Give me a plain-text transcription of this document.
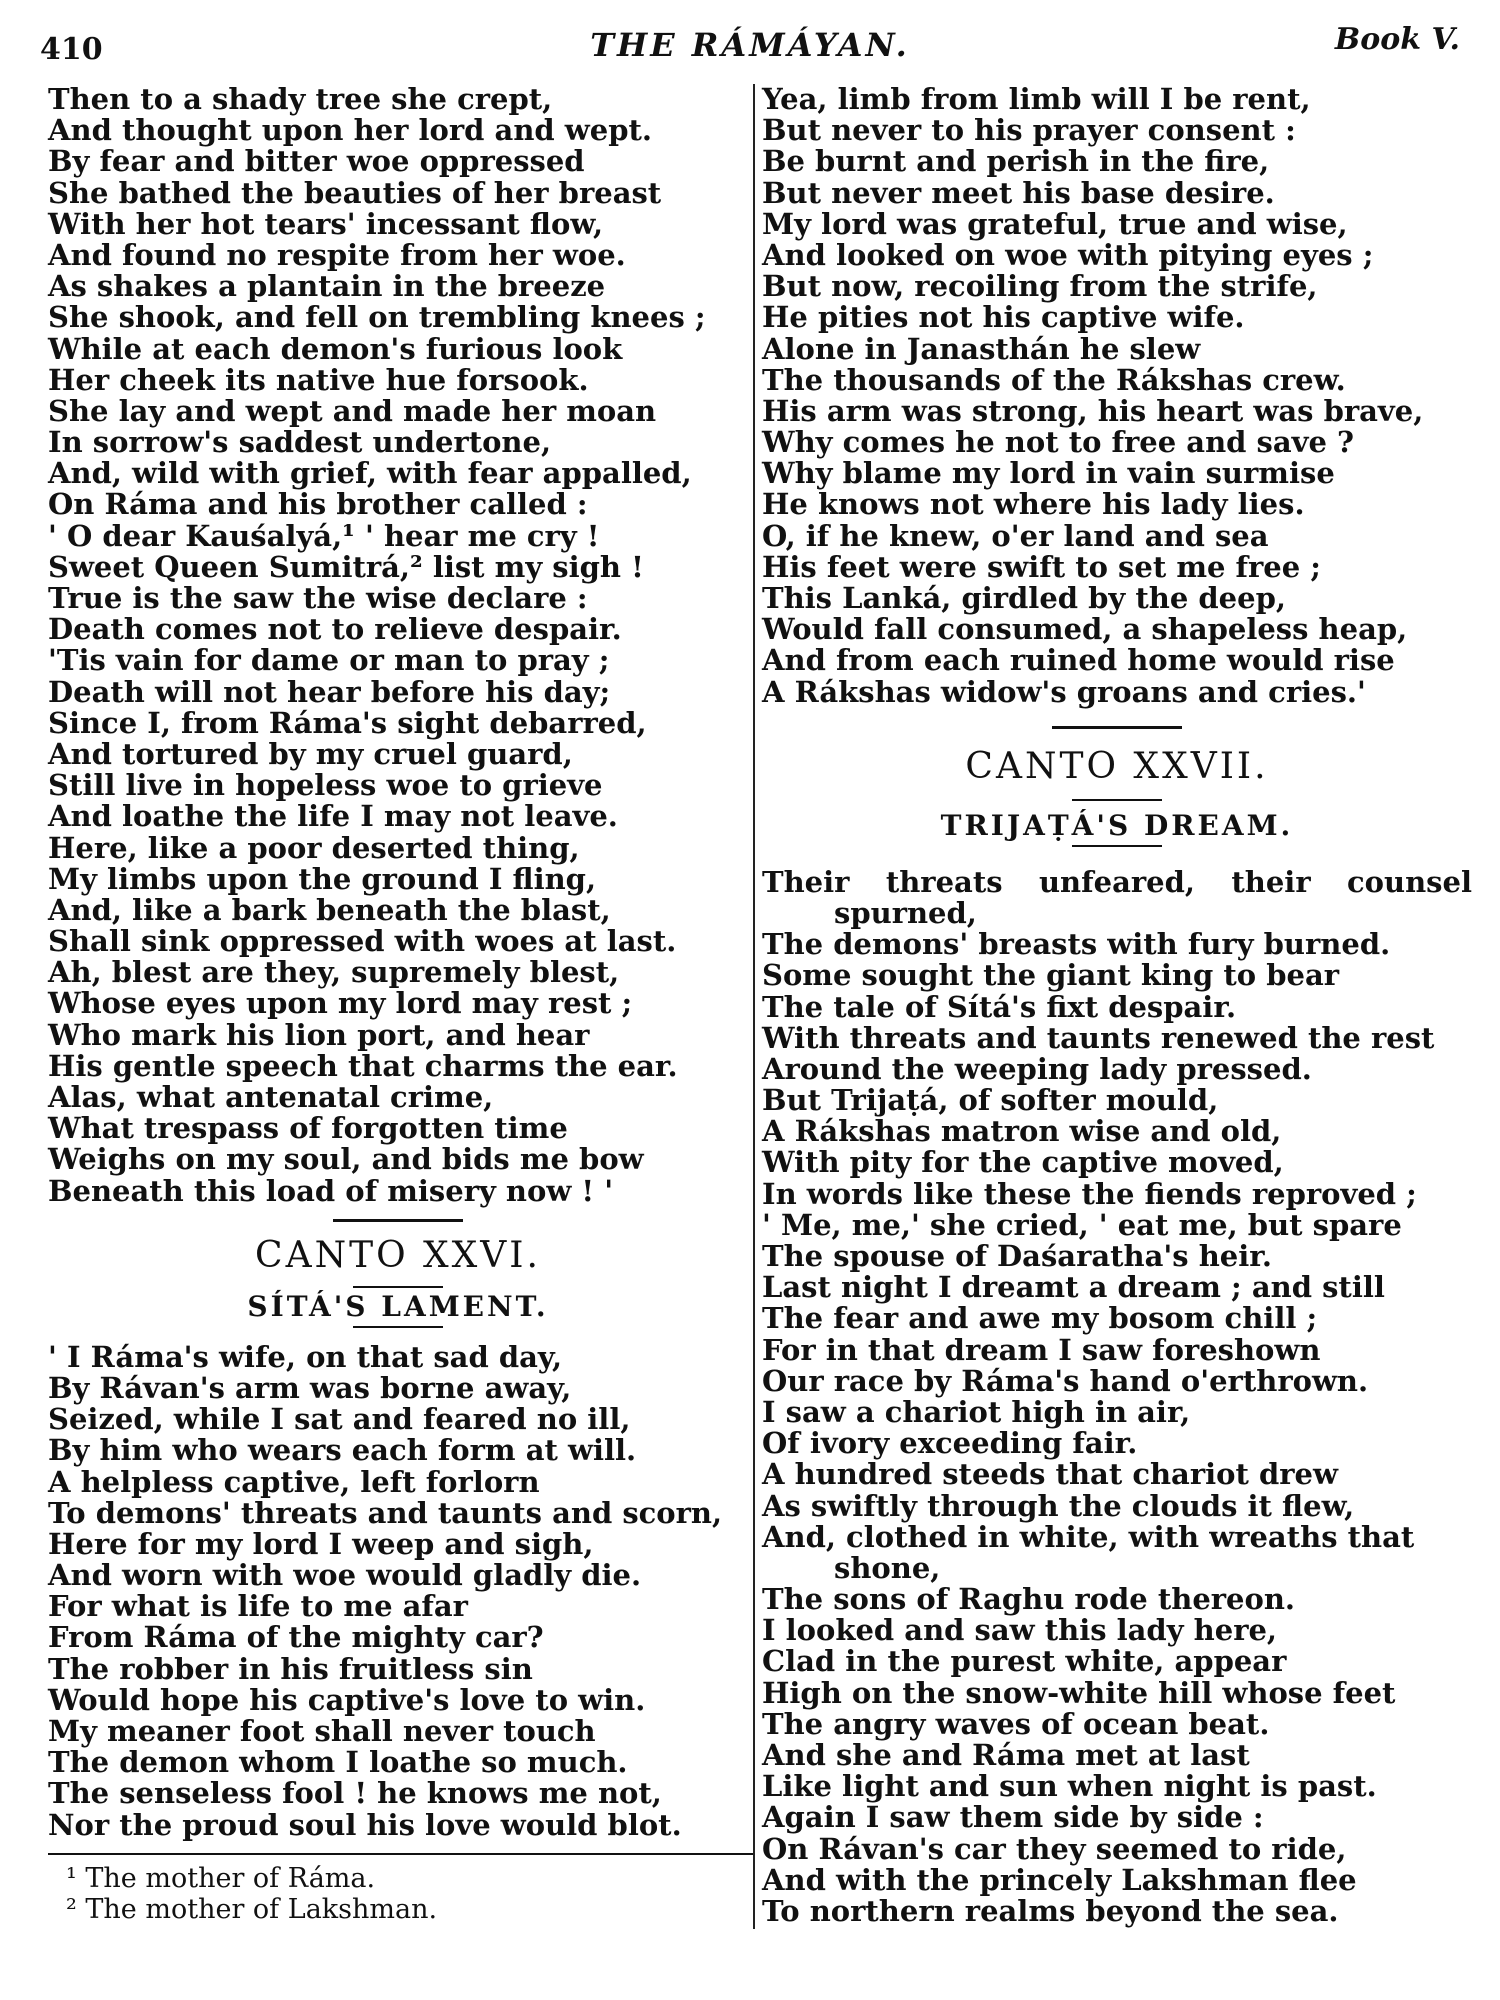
410	THE RÁMÁYAN.	Book V.
Then to a shady tree she crept,
And thought upon her lord and wept.
By fear and bitter woe oppressed
She bathed the beauties of her breast
With her hot tears' incessant flow,
And found no respite from her woe.
As shakes a plantain in the breeze
She shook, and fell on trembling knees ;
While at each demon's furious look
Her cheek its native hue forsook.
She lay and wept and made her moan
In sorrow's saddest undertone,
And, wild with grief, with fear appalled,
On Ráma and his brother called :
' O dear Kauśalyá,¹ ' hear me cry !
Sweet Queen Sumitrá,² list my sigh !
True is the saw the wise declare :
Death comes not to relieve despair.
'Tis vain for dame or man to pray ;
Death will not hear before his day;
Since I, from Ráma's sight debarred,
And tortured by my cruel guard,
Still live in hopeless woe to grieve
And loathe the life I may not leave.
Here, like a poor deserted thing,
My limbs upon the ground I fling,
And, like a bark beneath the blast,
Shall sink oppressed with woes at last.
Ah, blest are they, supremely blest,
Whose eyes upon my lord may rest ;
Who mark his lion port, and hear
His gentle speech that charms the ear.
Alas, what antenatal crime,
What trespass of forgotten time
Weighs on my soul, and bids me bow
Beneath this load of misery now ! '
CANTO XXVI.
SÍTÁ'S LAMENT.
' I Ráma's wife, on that sad day,
By Rávan's arm was borne away,
Seized, while I sat and feared no ill,
By him who wears each form at will.
A helpless captive, left forlorn
To demons' threats and taunts and scorn,
Here for my lord I weep and sigh,
And worn with woe would gladly die.
For what is life to me afar
From Ráma of the mighty car?
The robber in his fruitless sin
Would hope his captive's love to win.
My meaner foot shall never touch
The demon whom I loathe so much.
The senseless fool ! he knows me not,
Nor the proud soul his love would blot.
¹ The mother of Ráma.
² The mother of Lakshman.
Yea, limb from limb will I be rent,
But never to his prayer consent :
Be burnt and perish in the fire,
But never meet his base desire.
My lord was grateful, true and wise,
And looked on woe with pitying eyes ;
But now, recoiling from the strife,
He pities not his captive wife.
Alone in Janasthán he slew
The thousands of the Rákshas crew.
His arm was strong, his heart was brave,
Why comes he not to free and save ?
Why blame my lord in vain surmise
He knows not where his lady lies.
O, if he knew, o'er land and sea
His feet were swift to set me free ;
This Lanká, girdled by the deep,
Would fall consumed, a shapeless heap,
And from each ruined home would rise
A Rákshas widow's groans and cries.'
CANTO XXVII.
TRIJAṬÁ'S DREAM.
Their threats unfeared, their counsel
spurned,
The demons' breasts with fury burned.
Some sought the giant king to bear
The tale of Sítá's fixt despair.
With threats and taunts renewed the rest
Around the weeping lady pressed.
But Trijaṭá, of softer mould,
A Rákshas matron wise and old,
With pity for the captive moved,
In words like these the fiends reproved ;
' Me, me,' she cried, ' eat me, but spare
The spouse of Daśaratha's heir.
Last night I dreamt a dream ; and still
The fear and awe my bosom chill ;
For in that dream I saw foreshown
Our race by Ráma's hand o'erthrown.
I saw a chariot high in air,
Of ivory exceeding fair.
A hundred steeds that chariot drew
As swiftly through the clouds it flew,
And, clothed in white, with wreaths that
shone,
The sons of Raghu rode thereon.
I looked and saw this lady here,
Clad in the purest white, appear
High on the snow-white hill whose feet
The angry waves of ocean beat.
And she and Ráma met at last
Like light and sun when night is past.
Again I saw them side by side :
On Rávan's car they seemed to ride,
And with the princely Lakshman flee
To northern realms beyond the sea.
